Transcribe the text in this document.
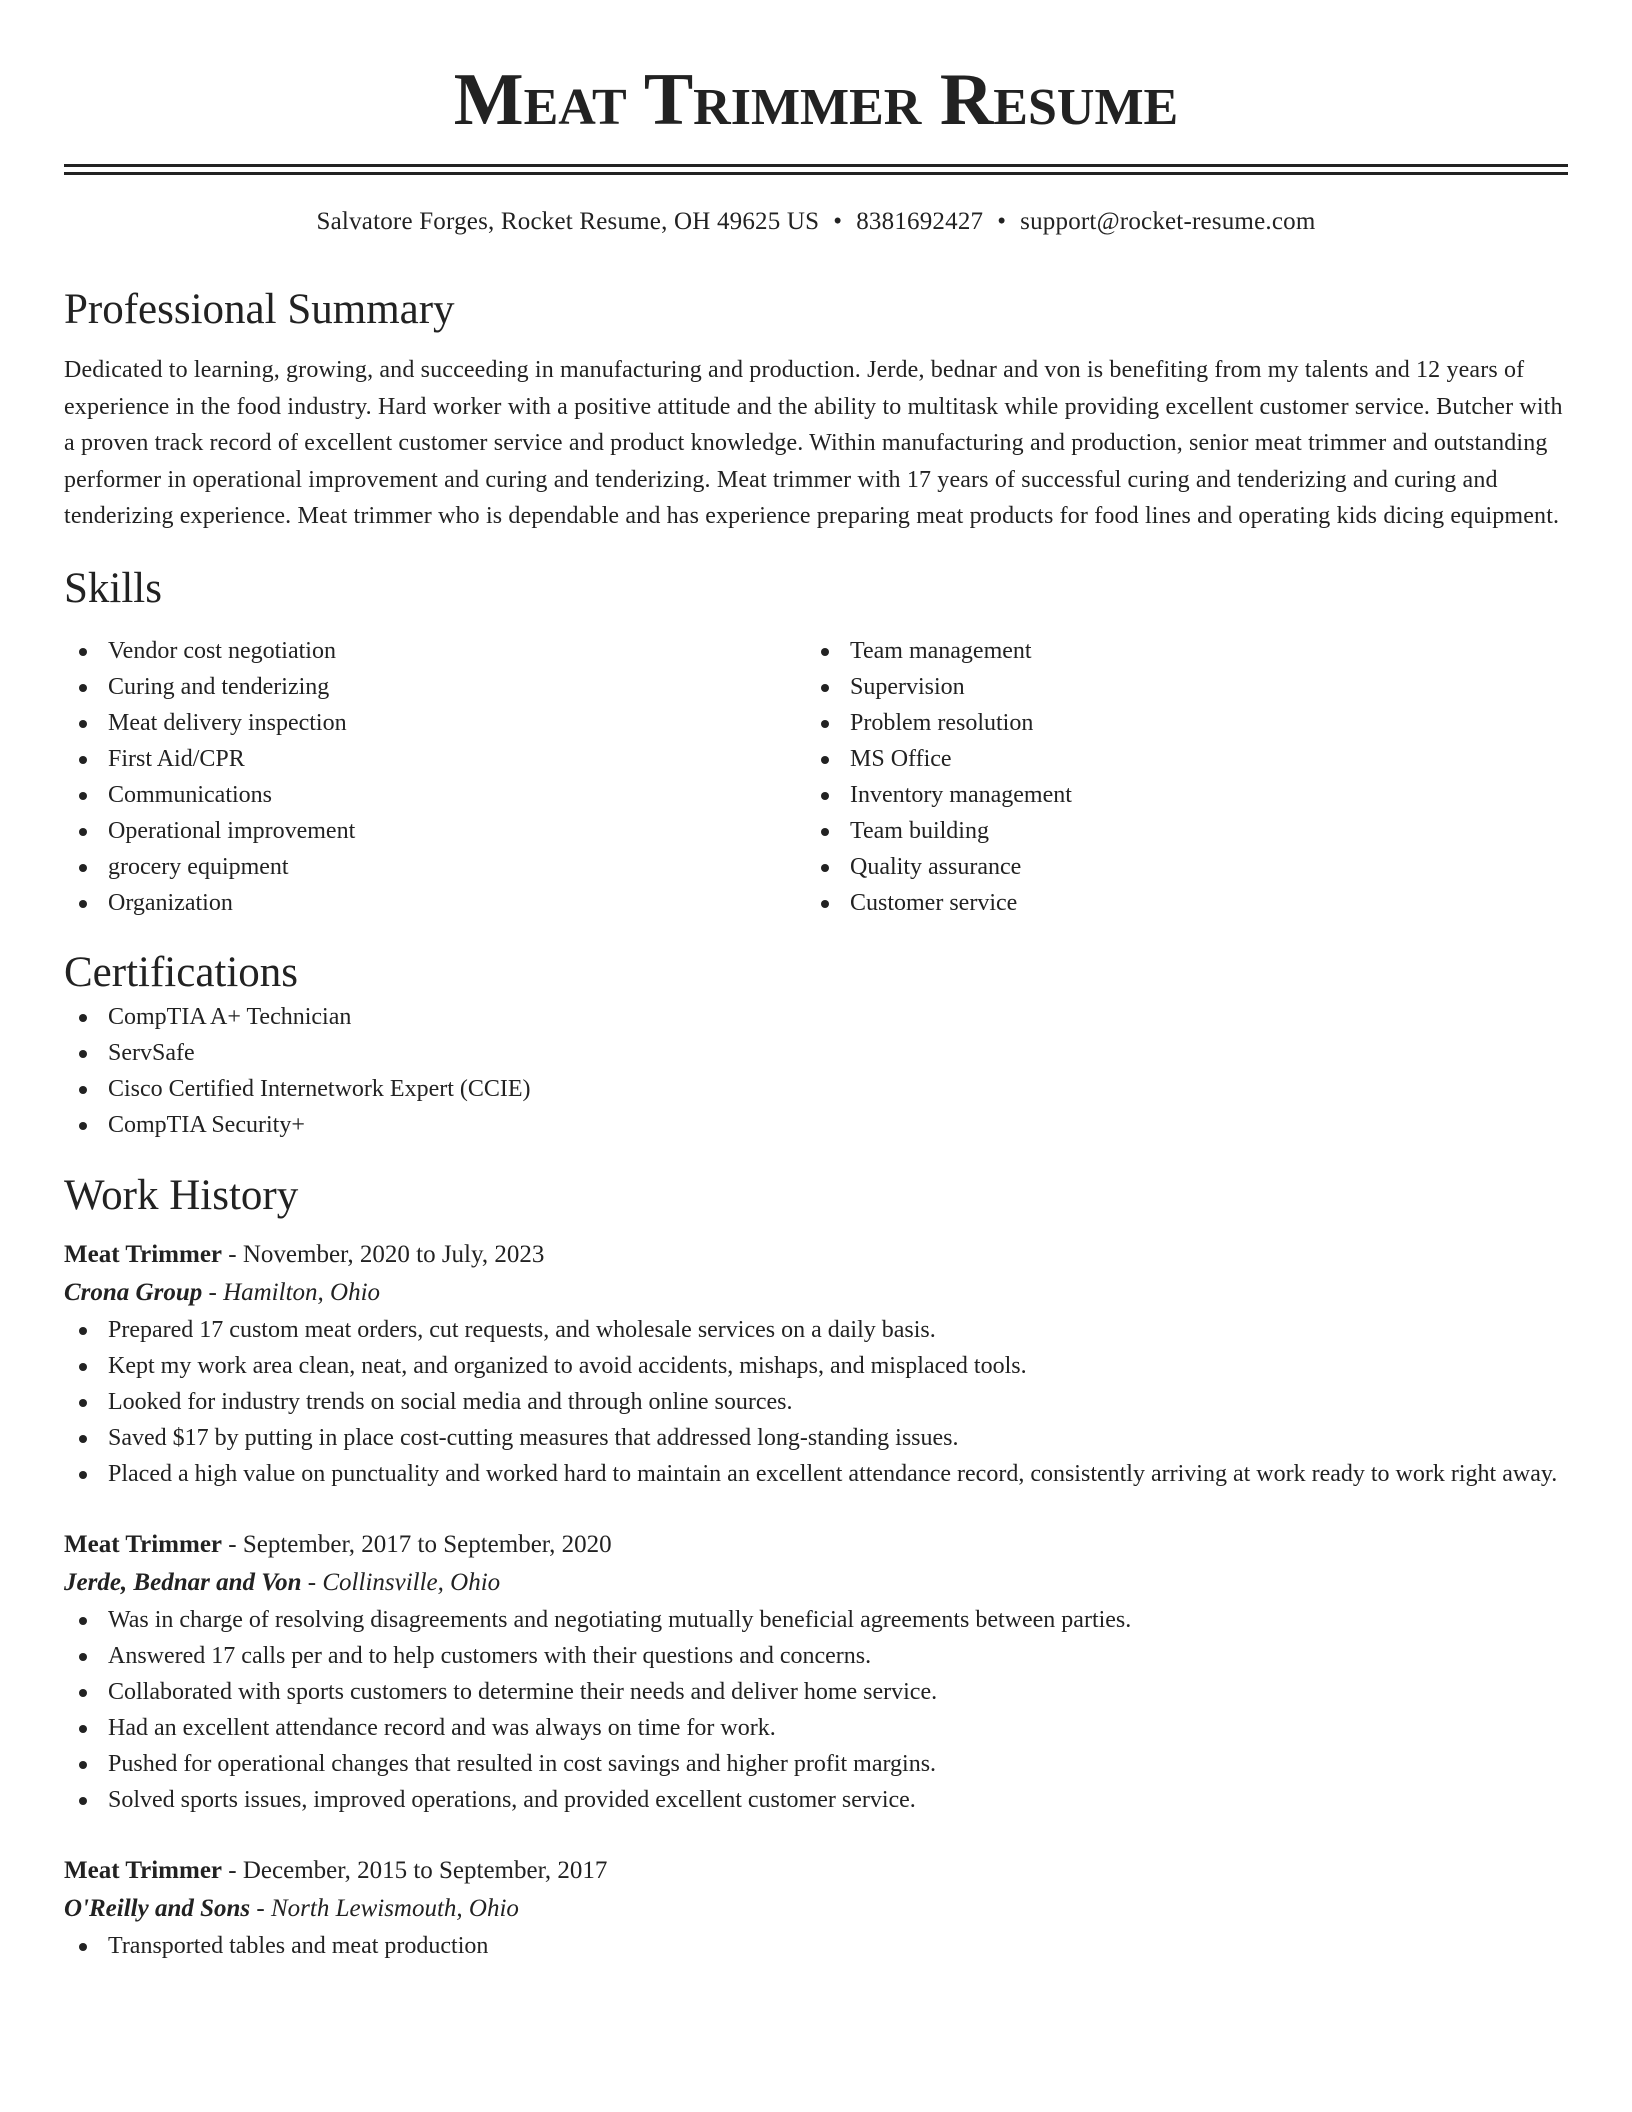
Meat Trimmer Resume
Salvatore Forges, Rocket Resume, OH 49625 US • 8381692427 • support@rocket-resume.com
Professional Summary

Dedicated to learning, growing, and succeeding in manufacturing and production. Jerde, bednar and von is benefiting from my talents and 12 years of experience in the food industry. Hard worker with a positive attitude and the ability to multitask while providing excellent customer service. Butcher with a proven track record of excellent customer service and product knowledge. Within manufacturing and production, senior meat trimmer and outstanding performer in operational improvement and curing and tenderizing. Meat trimmer with 17 years of successful curing and tenderizing and curing and tenderizing experience. Meat trimmer who is dependable and has experience preparing meat products for food lines and operating kids dicing equipment.

Skills
Vendor cost negotiation
Curing and tenderizing
Meat delivery inspection
First Aid/CPR
Communications
Operational improvement
grocery equipment
Organization
Team management
Supervision
Problem resolution
MS Office
Inventory management
Team building
Quality assurance
Customer service
Certifications
CompTIA A+ Technician
ServSafe
Cisco Certified Internetwork Expert (CCIE)
CompTIA Security+
Work History
Meat Trimmer - November, 2020 to July, 2023
Crona Group - Hamilton, Ohio
Prepared 17 custom meat orders, cut requests, and wholesale services on a daily basis.
Kept my work area clean, neat, and organized to avoid accidents, mishaps, and misplaced tools.
Looked for industry trends on social media and through online sources.
Saved $17 by putting in place cost-cutting measures that addressed long-standing issues.
Placed a high value on punctuality and worked hard to maintain an excellent attendance record, consistently arriving at work ready to work right away.
Meat Trimmer - September, 2017 to September, 2020
Jerde, Bednar and Von - Collinsville, Ohio
Was in charge of resolving disagreements and negotiating mutually beneficial agreements between parties.
Answered 17 calls per and to help customers with their questions and concerns.
Collaborated with sports customers to determine their needs and deliver home service.
Had an excellent attendance record and was always on time for work.
Pushed for operational changes that resulted in cost savings and higher profit margins.
Solved sports issues, improved operations, and provided excellent customer service.
Meat Trimmer - December, 2015 to September, 2017
O'Reilly and Sons - North Lewismouth, Ohio
Transported tables and meat production
